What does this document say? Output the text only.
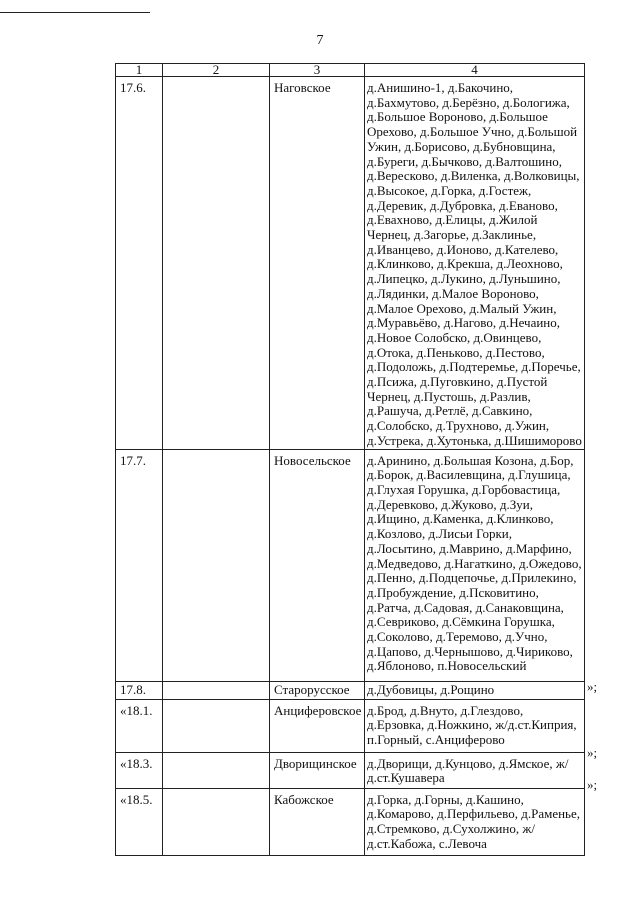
7
1	2	3	4
17.6.		Наговское	д.Анишино-1, д.Бакочино, д.Бахмутово, д.Берёзно, д.Бологижа, д.Большое Вороново, д.Большое Орехово, д.Большое Учно, д.Большой Ужин, д.Борисово, д.Бубновщина, д.Буреги, д.Бычково, д.Валтошино, д.Вересково, д.Виленка, д.Волковицы, д.Высокое, д.Горка, д.Гостеж, д.Деревик, д.Дубровка, д.Еваново, д.Евахново, д.Елицы, д.Жилой Чернец, д.Загорье, д.Заклинье, д.Иванцево, д.Ионово, д.Кателево, д.Клинково, д.Крекша, д.Леохново, д.Липецко, д.Лукино, д.Луньшино, д.Лядинки, д.Малое Вороново, д.Малое Орехово, д.Малый Ужин, д.Муравьёво, д.Нагово, д.Нечаино, д.Новое Солобско, д.Овинцево, д.Отока, д.Пеньково, д.Пестово, д.Подоложь, д.Подтеремье, д.Поречье, д.Псижа, д.Пуговкино, д.Пустой Чернец, д.Пустошь, д.Разлив, д.Рашуча, д.Ретлё, д.Савкино, д.Солобско, д.Трухново, д.Ужин, д.Устрека, д.Хутонька, д.Шишиморово
17.7.		Новосельское	д.Аринино, д.Большая Козона, д.Бор, д.Борок, д.Василевщина, д.Глушица, д.Глухая Горушка, д.Горбовастица, д.Деревково, д.Жуково, д.Зуи, д.Ищино, д.Каменка, д.Клинково, д.Козлово, д.Лисьи Горки, д.Лосытино, д.Маврино, д.Марфино, д.Медведово, д.Нагаткино, д.Ожедово, д.Пенно, д.Подцепочье, д.Прилекино, д.Пробуждение, д.Псковитино, д.Ратча, д.Садовая, д.Санаковщина, д.Севриково, д.Сёмкина Горушка, д.Соколово, д.Теремово, д.Учно, д.Цапово, д.Чернышово, д.Чириково, д.Яблоново, п.Новосельский
17.8.		Старорусское	д.Дубовицы, д.Рощино
«18.1.		Анциферовское	д.Брод, д.Внуто, д.Глездово, д.Ерзовка, д.Ножкино, ж/д.ст.Киприя, п.Горный, с.Анциферово
«18.3.		Дворищинское	д.Дворищи, д.Кунцово, д.Ямское, ж/д.ст.Кушавера
«18.5.		Кабожское	д.Горка, д.Горны, д.Кашино, д.Комарово, д.Перфильево, д.Раменье, д.Стремково, д.Сухолжино, ж/д.ст.Кабожа, с.Левоча
»;
»;
»;
